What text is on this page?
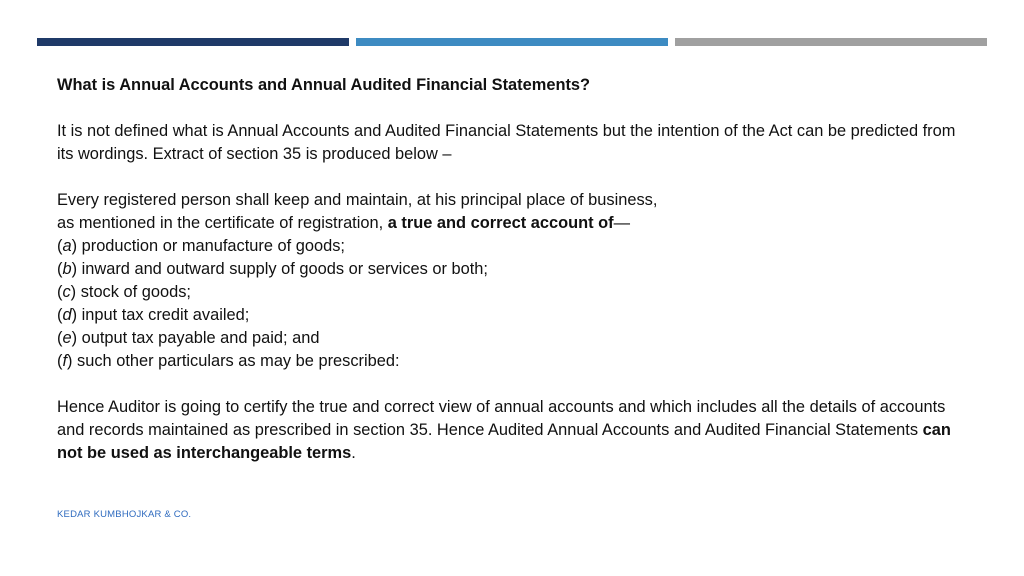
What is Annual Accounts and Annual Audited Financial Statements?

It is not defined what is Annual Accounts and Audited Financial Statements but the intention of the Act can be predicted from its wordings. Extract of section 35 is produced below –

Every registered person shall keep and maintain, at his principal place of business,

as mentioned in the certificate of registration, a true and correct account of—

(a) production or manufacture of goods;
(b) inward and outward supply of goods or services or both;
(c) stock of goods;
(d) input tax credit availed;
(e) output tax payable and paid; and
(f) such other particulars as may be prescribed:

Hence Auditor is going to certify the true and correct view of annual accounts and which includes all the details of accounts and records maintained as prescribed in section 35. Hence Audited Annual Accounts and Audited Financial Statements can not be used as interchangeable terms.

KEDAR KUMBHOJKAR & CO.
